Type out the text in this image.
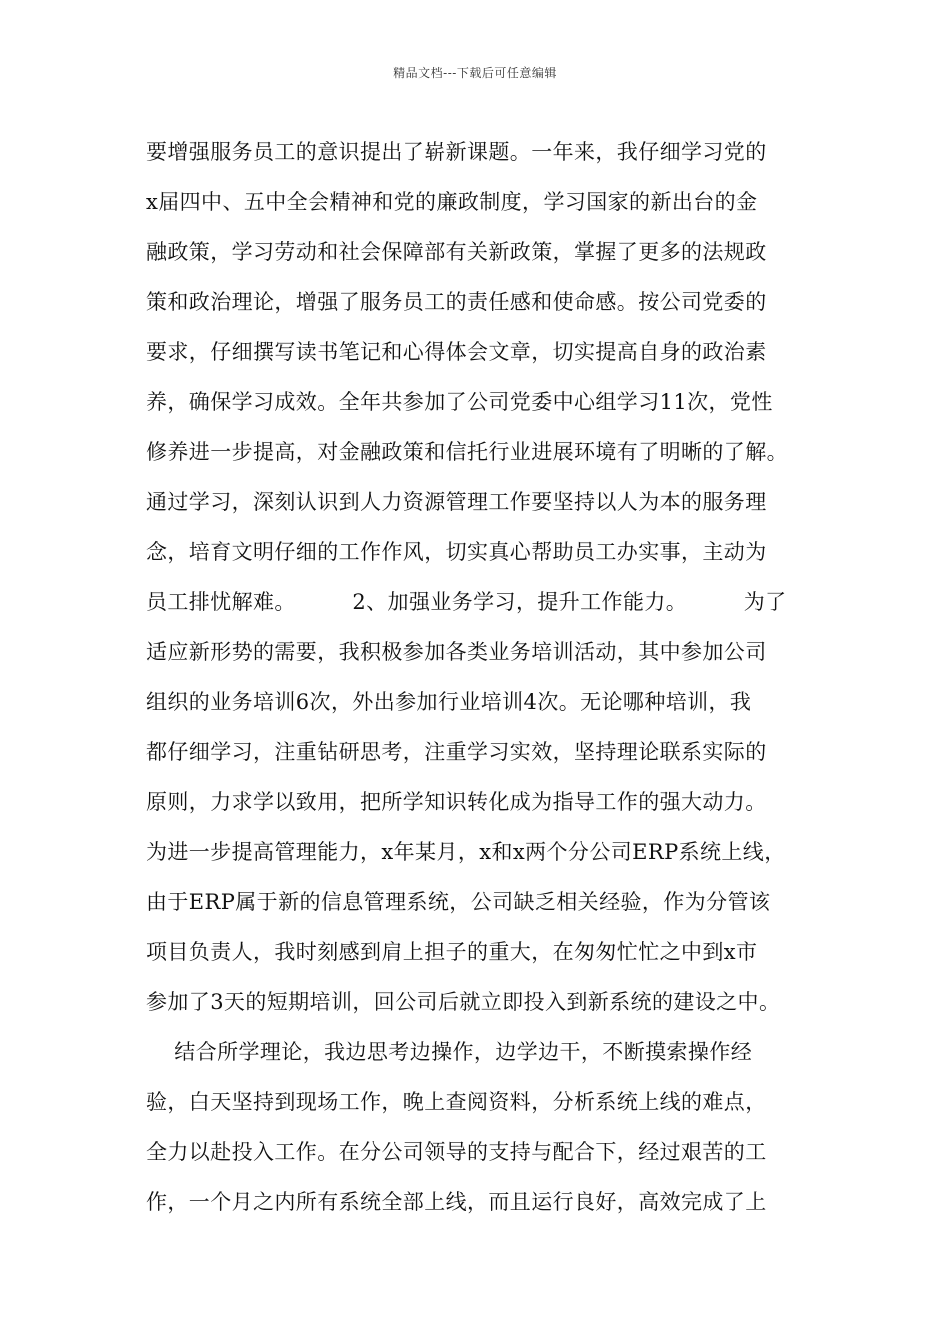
精品文档---下载后可任意编辑
要增强服务员工的意识提出了崭新课题。一年来，我仔细学习党的
x届四中、五中全会精神和党的廉政制度，学习国家的新出台的金
融政策，学习劳动和社会保障部有关新政策，掌握了更多的法规政
策和政治理论，增强了服务员工的责任感和使命感。按公司党委的
要求，仔细撰写读书笔记和心得体会文章，切实提高自身的政治素
养，确保学习成效。全年共参加了公司党委中心组学习11次，党性
修养进一步提高，对金融政策和信托行业进展环境有了明晰的了解。
通过学习，深刻认识到人力资源管理工作要坚持以人为本的服务理
念，培育文明仔细的工作作风，切实真心帮助员工办实事，主动为
员工排忧解难。        2、加强业务学习，提升工作能力。        为了
适应新形势的需要，我积极参加各类业务培训活动，其中参加公司
组织的业务培训6次，外出参加行业培训4次。无论哪种培训，我
都仔细学习，注重钻研思考，注重学习实效，坚持理论联系实际的
原则，力求学以致用，把所学知识转化成为指导工作的强大动力。
为进一步提高管理能力，x年某月，x和x两个分公司ERP系统上线，
由于ERP属于新的信息管理系统，公司缺乏相关经验，作为分管该
项目负责人，我时刻感到肩上担子的重大，在匆匆忙忙之中到x市
参加了3天的短期培训，回公司后就立即投入到新系统的建设之中。
结合所学理论，我边思考边操作，边学边干，不断摸索操作经
验，白天坚持到现场工作，晚上查阅资料，分析系统上线的难点，
全力以赴投入工作。在分公司领导的支持与配合下，经过艰苦的工
作，一个月之内所有系统全部上线，而且运行良好，高效完成了上
